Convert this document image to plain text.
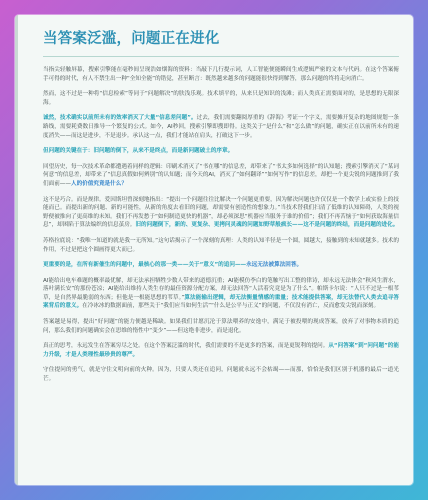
当答案泛滥，问题正在进化

当指尖轻触屏幕，搜索引擎能在毫秒间呈现浩如烟海的资料：当敲下几行提示词，人工智能便能瞬间生成逻辑严密的文本与代码。在这个答案俯手可得的时代，有人不禁生出一种“全知全能”的错觉，甚至断言：既然越来越多的问题能很快得到解答，那么问题的终将走向消亡。

然而，这不过是一种将“信息检索”等同于“问题解决”的肤浅乐观。技术填平的，从来只是知识的浅滩；而人类真正需要面对的，是思想的无限深海。

诚然，技术确实以前所未有的效率消灭了大量“信息差问题”。过去，我们需要翻阅厚重的《辞海》考证一个字义，需要摊开复杂的地图规划一条路线，需要耗费数日推导一个繁复的公式。如今，AI秒回，搜索引擎即搜即得。这类关于“是什么”和“怎么做”的问题，确实正在以前所未有的速度消失——而这是进步，不是退步。承认这一点，我们才能站在肩头，打破这下一步。

但问题的关键在于：旧问题的倒下，从来不是终点，而是新问题破土的序章。

回望历史，每一次技术革命都遭遇着同样的逻辑：印刷术消灭了“书在哪”的信息差，却带来了“书太多如何选择”的认知题；搜索引擎消灭了“某词何意”的信息差，却带来了“信息真假如何辨别”的认知题；而今天的AI，消灭了“如何翻译”“如何写作”的信息差，却把一个更尖锐的问题推到了我们面前——人的价值究竟是什么？

这不是巧合。而是规律。爱因斯坦曾深刻地指出：“提出一个问题往往比解决一个问题更重要，因为解决问题也许仅仅是一个数学上或实验上的技能而已。而提出新的问题、新的可能性，从新的角度去看旧的问题，却需要有创造性的想象力。”当技术替我们扫清了低维的认知障碍，人类的视野便被推向了更高维的未知。我们不再发愁于“如何制造更快的机器”，却必须深思“机器应当服务于谁的价值”；我们不再苦恼于“如何获取海量信息”，却困陷于算法编织的信息茧房。旧的问题倒下，新的、更复杂、更拷问灵魂的问题如野草般疯长——这不是问题的终结，而是问题的进化。

苏格拉底说：“我唯一知道的就是我一无所知。”这句话揭示了一个深刻的真理：人类的认知半径是一个圆，圆越大，接触到的未知就越多。技术的作用，不过是把这个圆画得更大而已。

更重要的是，在所有新催生的问题中，最核心的那一类——关于“意义”的追问——永远无法被算法回答。

AI能给出电车难题的概率最优解，却无法承担牺牲少数人带来的道德沉重；AI能模仿李白的笔触写出工整的律诗，却永远无法体会“秋风生渭水，落叶满长安”的那份苍凉；AI能给出维持人类生存的最佳资源分配方案，却无法回答“人活着究竟是为了什么”。帕斯卡尔说：“人只不过是一根苇草，是自然界最脆弱的东西；但他是一根能思想的苇草。”算法能输出逻辑，却无法衡量情感的重量；技术能提供答案，却无法替代人类去追寻答案背后的意义。在冷冰冰的数据面前，那些关于“我们应当如何生活”“什么是公平与正义”的问题，不仅没有消亡，反而愈发尖锐而深刻。

答案越是易得，提出“好问题”的能力便越是稀缺。如果我们甘愿沉沦于算法喂养的安逸中，满足于被投喂的现成答案，放弃了对事物本质的追问，那么我们的问题确实会在思维的惰性中“变少”——但这绝非进步，而是退化。

真正的思考，永远发生在答案穷尽之处。在这个答案泛滥的时代，我们需要的不是更多的答案，而是更锐利的提问。从“问答案”到“问问题”的能力升级，才是人类理性最珍贵的尊严。

守住提问的勇气，就是守住文明向前的火种。因为，只要人类还在追问，问题就永远不会枯竭——而那，恰恰是我们区别于机器的最后一道光芒。
